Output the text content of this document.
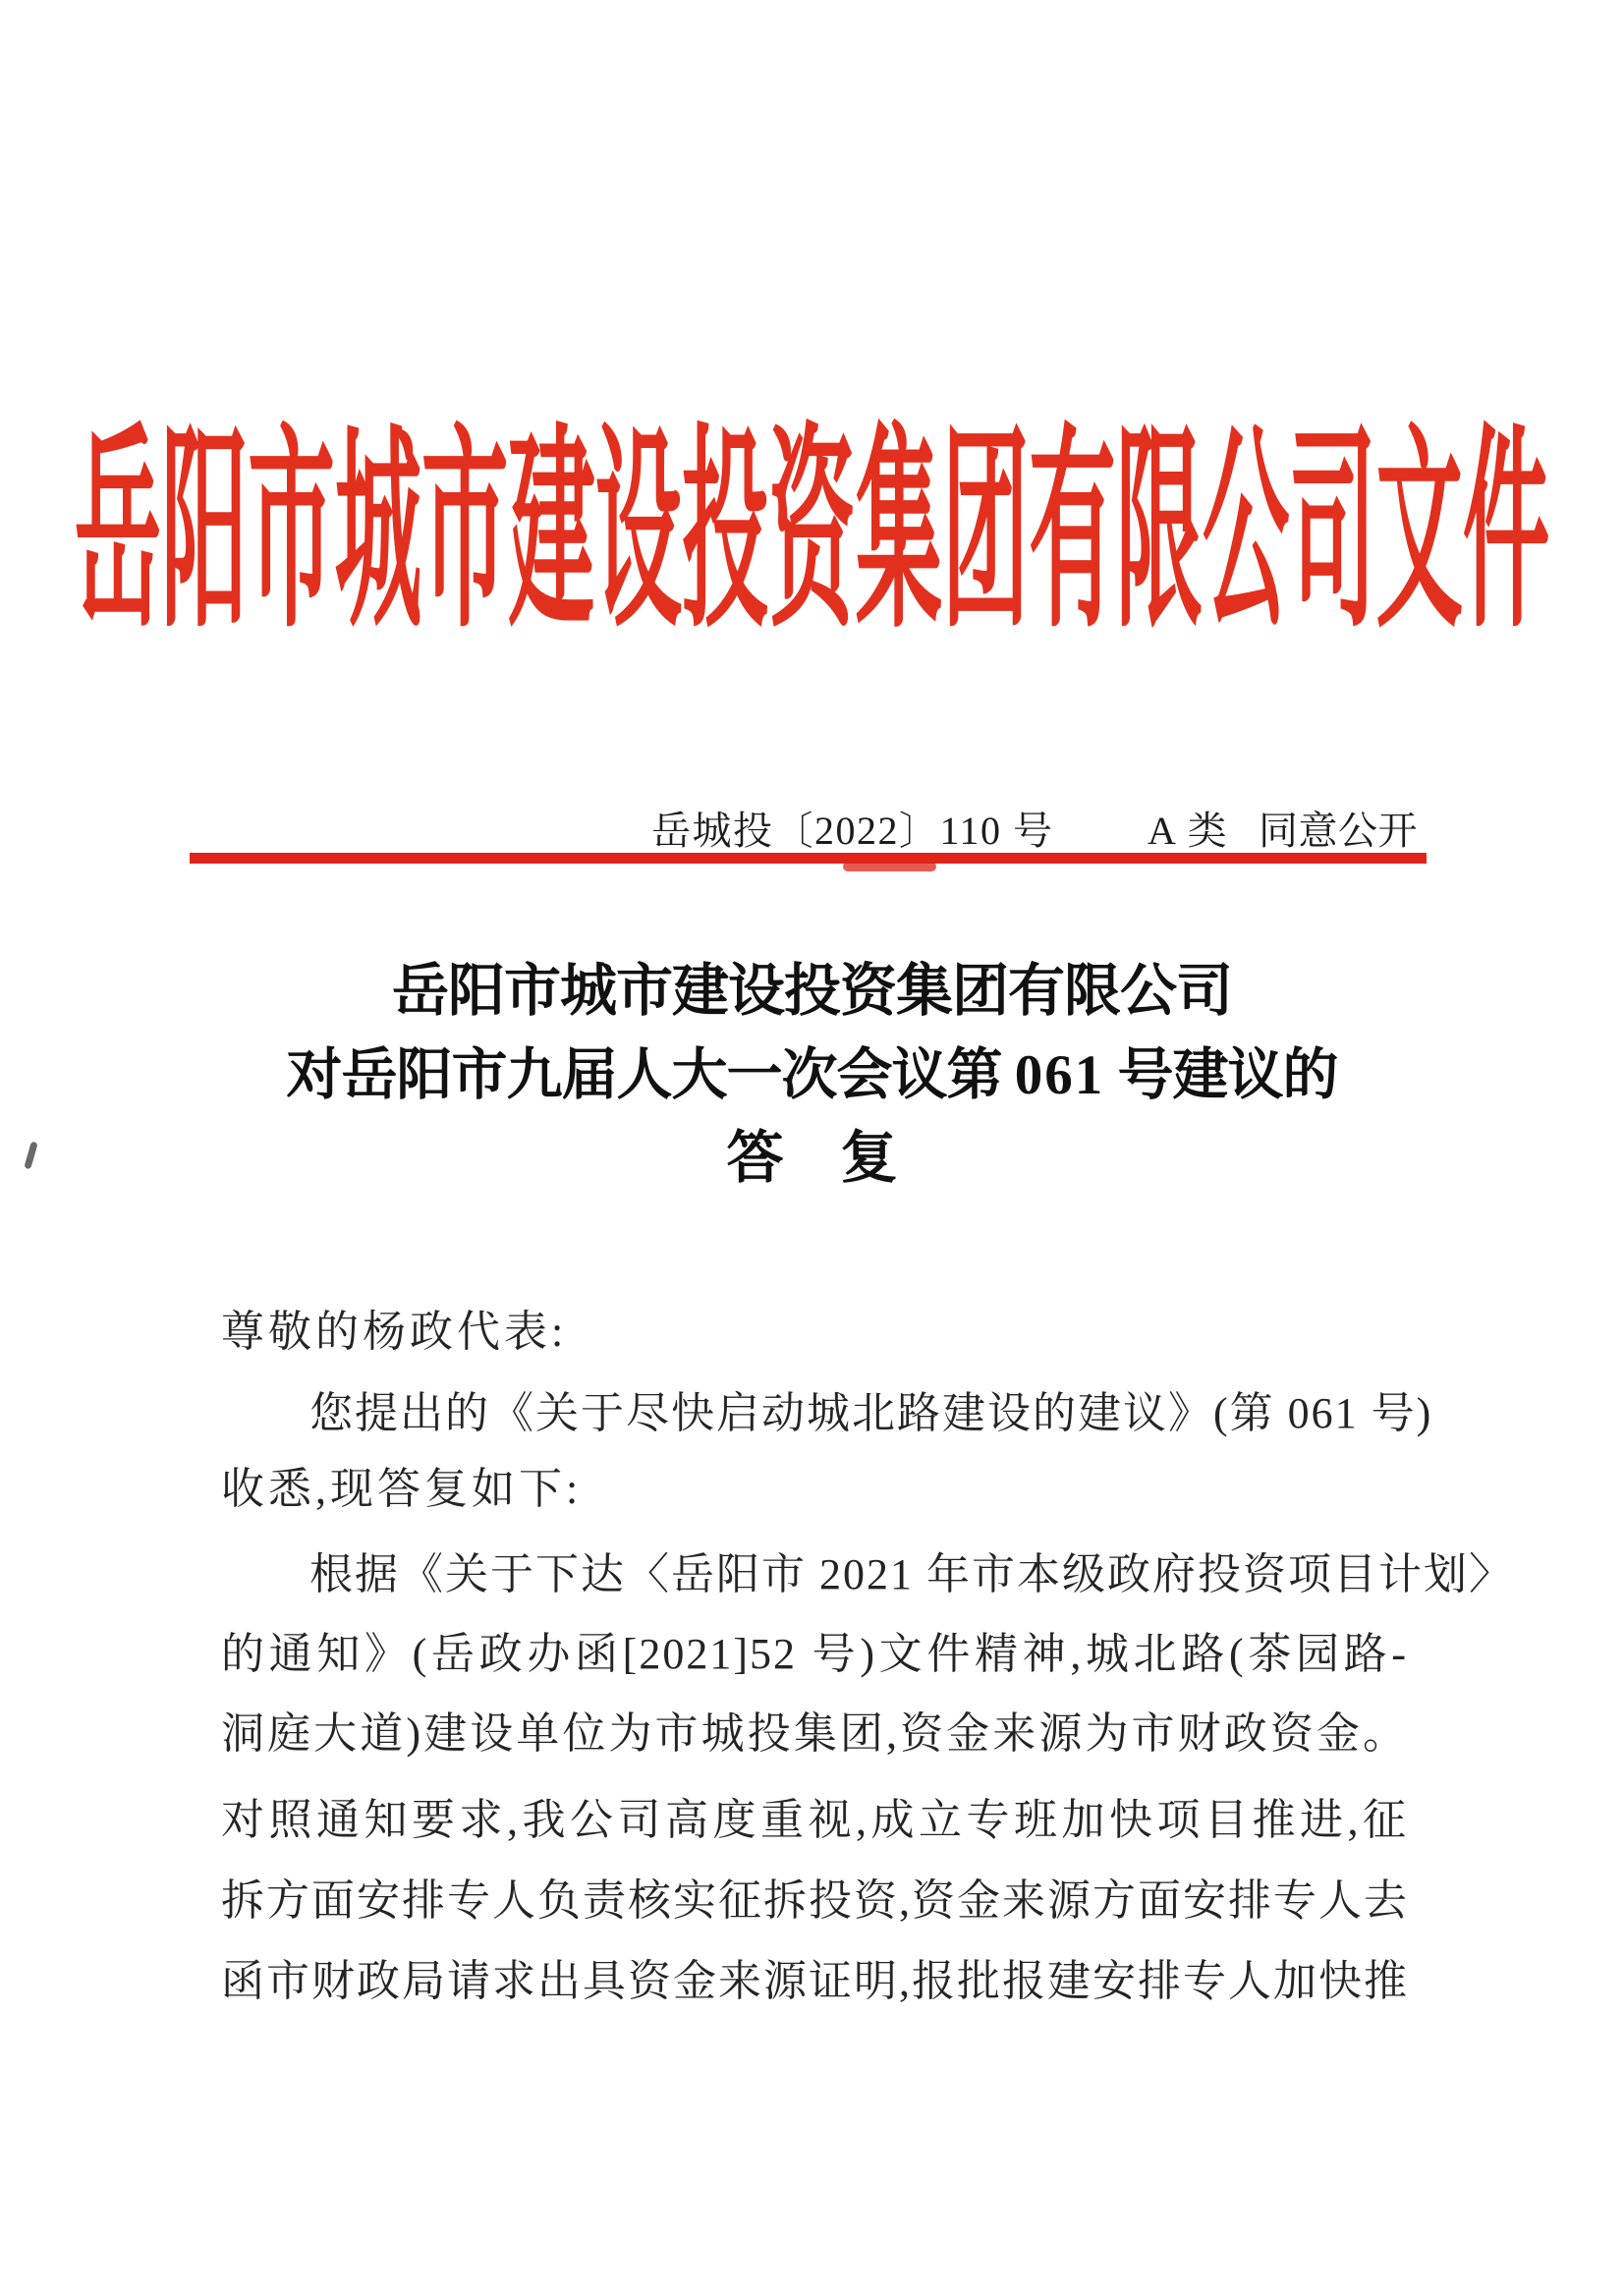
岳阳市城市建设投资集团有限公司文件
岳城投〔2022〕110 号 A 类 同意公开
岳阳市城市建设投资集团有限公司
对岳阳市九届人大一次会议第 061 号建议的
答　复
尊敬的杨政代表:
您提出的《关于尽快启动城北路建设的建议》(第 061 号)
收悉,现答复如下:
根据《关于下达〈岳阳市 2021 年市本级政府投资项目计划〉
的通知》(岳政办函[2021]52 号)文件精神,城北路(茶园路-
洞庭大道)建设单位为市城投集团,资金来源为市财政资金。
对照通知要求,我公司高度重视,成立专班加快项目推进,征
拆方面安排专人负责核实征拆投资,资金来源方面安排专人去
函市财政局请求出具资金来源证明,报批报建安排专人加快推
